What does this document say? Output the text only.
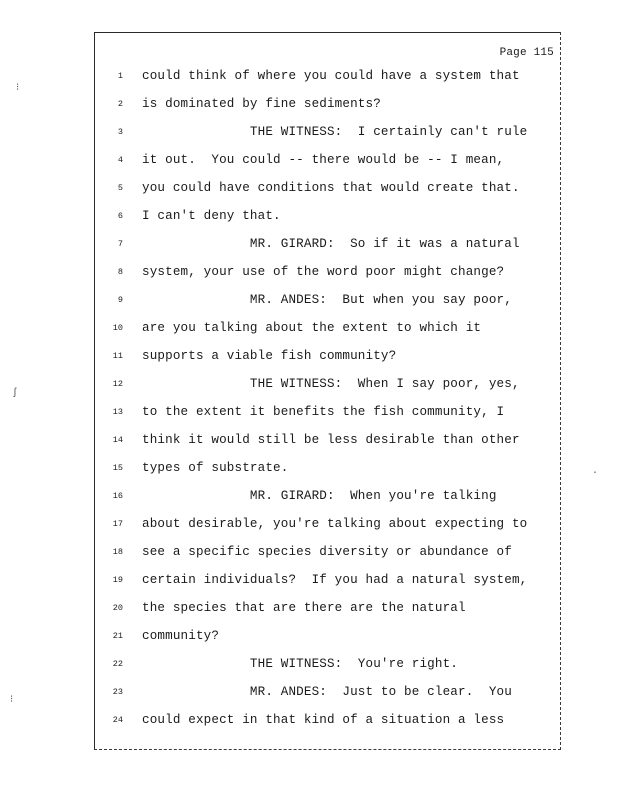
Page 115
1 could think of where you could have a system that
2 is dominated by fine sediments?
3 THE WITNESS:  I certainly can't rule
4 it out.  You could -- there would be -- I mean,
5 you could have conditions that would create that.
6 I can't deny that.
7 MR. GIRARD:  So if it was a natural
8 system, your use of the word poor might change?
9 MR. ANDES:  But when you say poor,
10 are you talking about the extent to which it
11 supports a viable fish community?
12 THE WITNESS:  When I say poor, yes,
13 to the extent it benefits the fish community, I
14 think it would still be less desirable than other
15 types of substrate.
16 MR. GIRARD:  When you're talking
17 about desirable, you're talking about expecting to
18 see a specific species diversity or abundance of
19 certain individuals?  If you had a natural system,
20 the species that are there are the natural
21 community?
22 THE WITNESS:  You're right.
23 MR. ANDES:  Just to be clear.  You
24 could expect in that kind of a situation a less
⁝
ʃ
⁝
·
